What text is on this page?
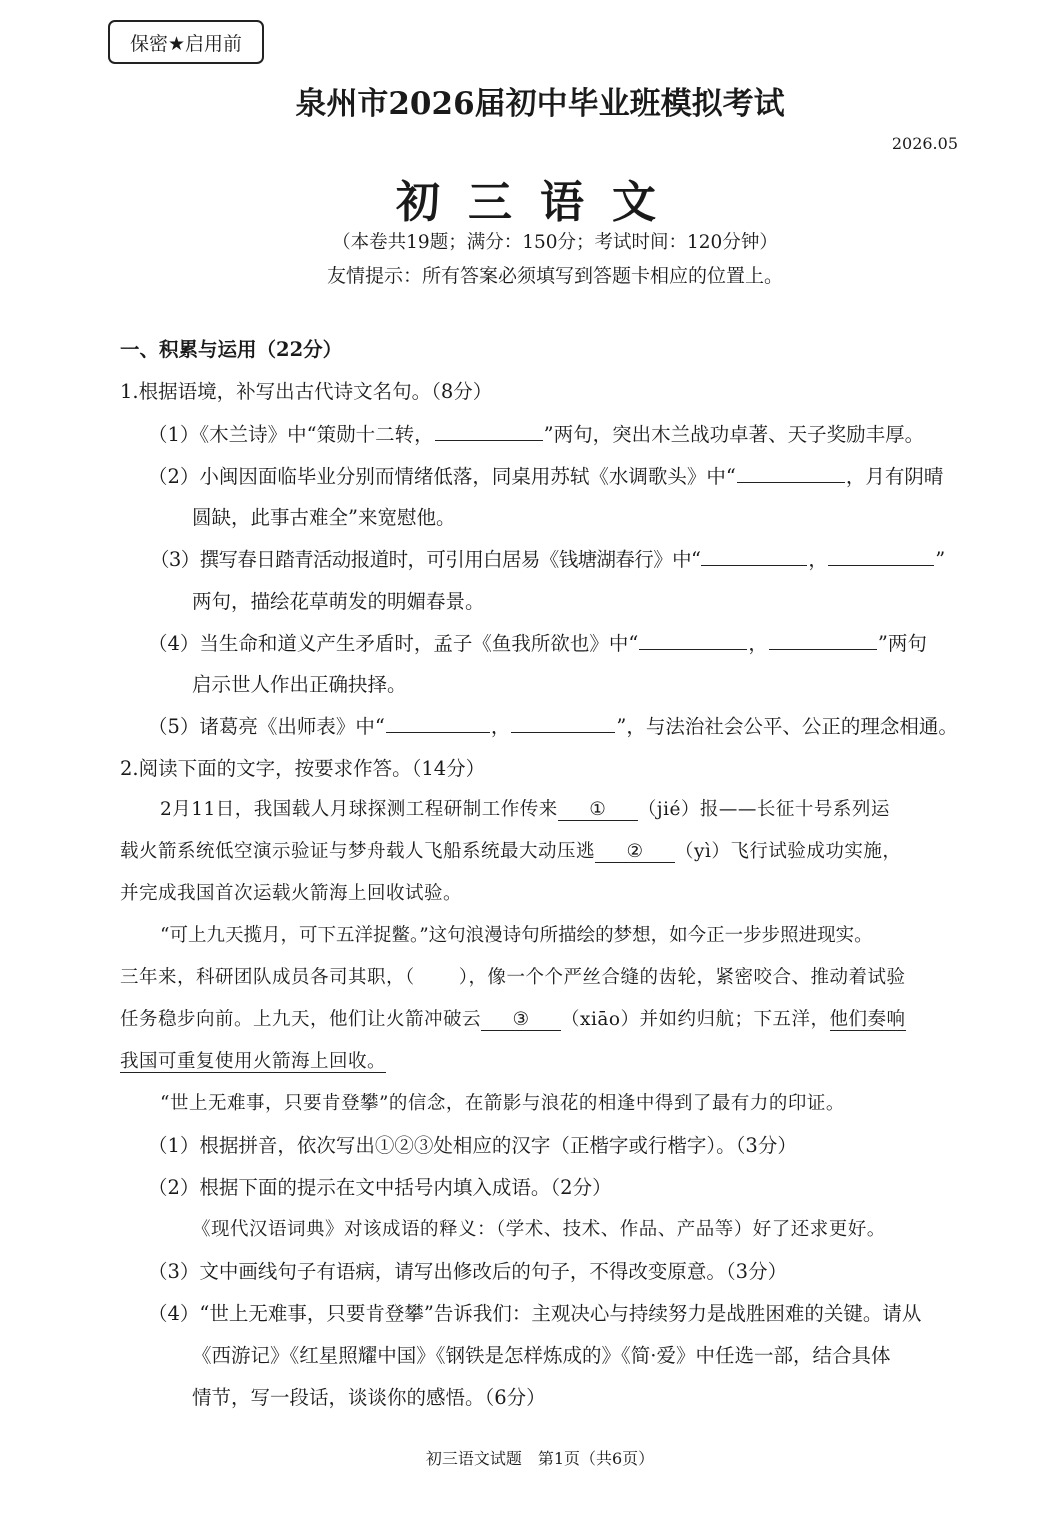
保密★启用前
泉州市2026届初中毕业班模拟考试
2026.05
初三语文
（本卷共19题；满分：150分；考试时间：120分钟）
友情提示：所有答案必须填写到答题卡相应的位置上。
一、积累与运用（22分）
1.根据语境，补写出古代诗文名句。（8分）
（1）《木兰诗》中“策勋十二转，	”两句，突出木兰战功卓著、天子奖励丰厚。
（2）小闽因面临毕业分别而情绪低落，同桌用苏轼《水调歌头》中“	，月有阴晴
圆缺，此事古难全”来宽慰他。
（3）撰写春日踏青活动报道时，可引用白居易《钱塘湖春行》中“	，	”
两句，描绘花草萌发的明媚春景。
（4）当生命和道义产生矛盾时，孟子《鱼我所欲也》中“	，	”两句
启示世人作出正确抉择。
（5）诸葛亮《出师表》中“	，	”，与法治社会公平、公正的理念相通。
2.阅读下面的文字，按要求作答。（14分）
2月11日，我国载人月球探测工程研制工作传来 ① （jié）报——长征十号系列运
载火箭系统低空演示验证与梦舟载人飞船系统最大动压逃 ② （yì）飞行试验成功实施，
并完成我国首次运载火箭海上回收试验。
“可上九天揽月，可下五洋捉鳖。”这句浪漫诗句所描绘的梦想，如今正一步步照进现实。
三年来，科研团队成员各司其职，（ ），像一个个严丝合缝的齿轮，紧密咬合、推动着试验
任务稳步向前。上九天，他们让火箭冲破云 ③ （xiāo）并如约归航；下五洋，他们奏响
我国可重复使用火箭海上回收。
“世上无难事，只要肯登攀”的信念，在箭影与浪花的相逢中得到了最有力的印证。
（1）根据拼音，依次写出①②③处相应的汉字（正楷字或行楷字）。（3分）
（2）根据下面的提示在文中括号内填入成语。（2分）
《现代汉语词典》对该成语的释义：（学术、技术、作品、产品等）好了还求更好。
（3）文中画线句子有语病，请写出修改后的句子，不得改变原意。（3分）
（4）“世上无难事，只要肯登攀”告诉我们：主观决心与持续努力是战胜困难的关键。请从
《西游记》《红星照耀中国》《钢铁是怎样炼成的》《简·爱》中任选一部，结合具体
情节，写一段话，谈谈你的感悟。（6分）
初三语文试题　第1页（共6页）
